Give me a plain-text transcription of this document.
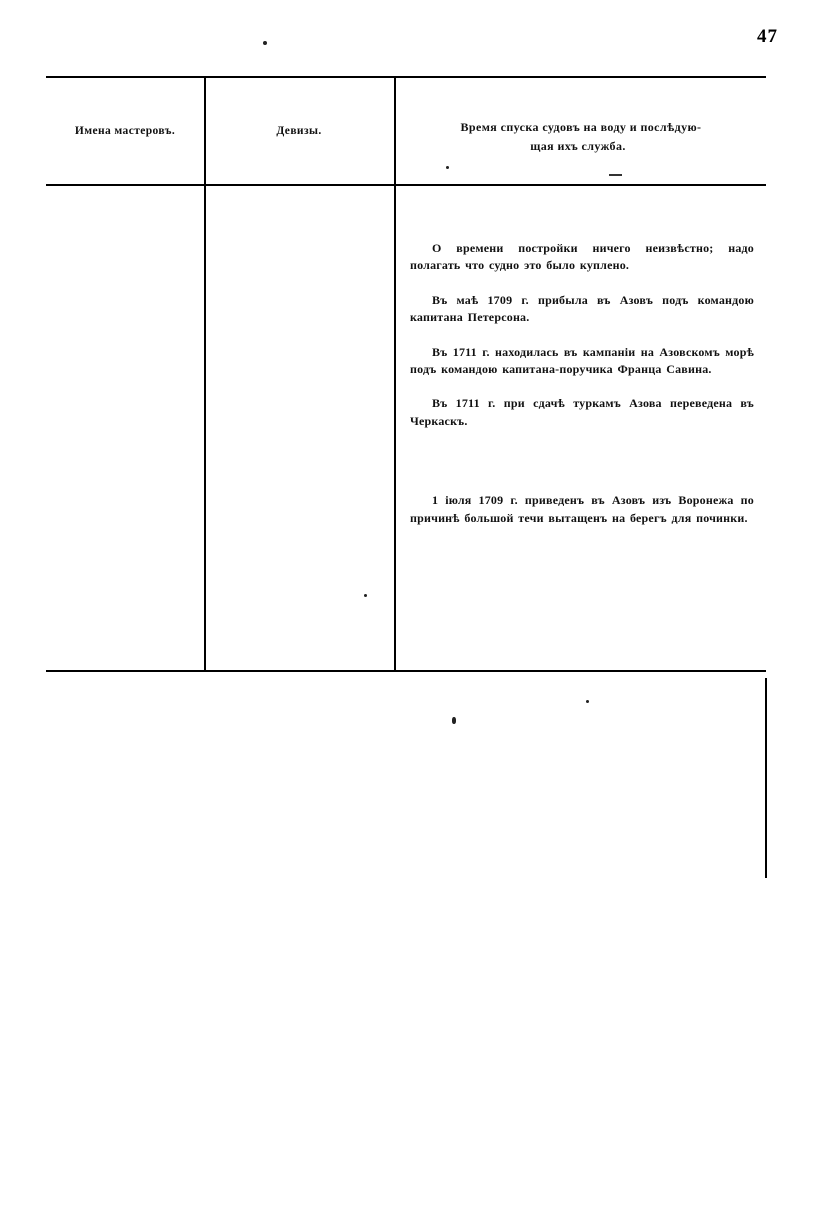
47
Имена мастеровъ.	Девизы.	Время спуска судовъ на воду и послѣдую-
щая ихъ служба.

О времени постройки ничего неизвѣстно; надо полагать что судно это было куплено.

Въ маѣ 1709 г. прибыла въ Азовъ подъ командою капитана Петерсона.

Въ 1711 г. находилась въ кампаніи на Азовскомъ морѣ подъ командою капитана-поручика Франца Савина.

Въ 1711 г. при сдачѣ туркамъ Азова переведена въ Черкаскъ.

1 іюля 1709 г. приведенъ въ Азовъ изъ Воронежа по причинѣ большой течи вытащенъ на берегъ для починки.
